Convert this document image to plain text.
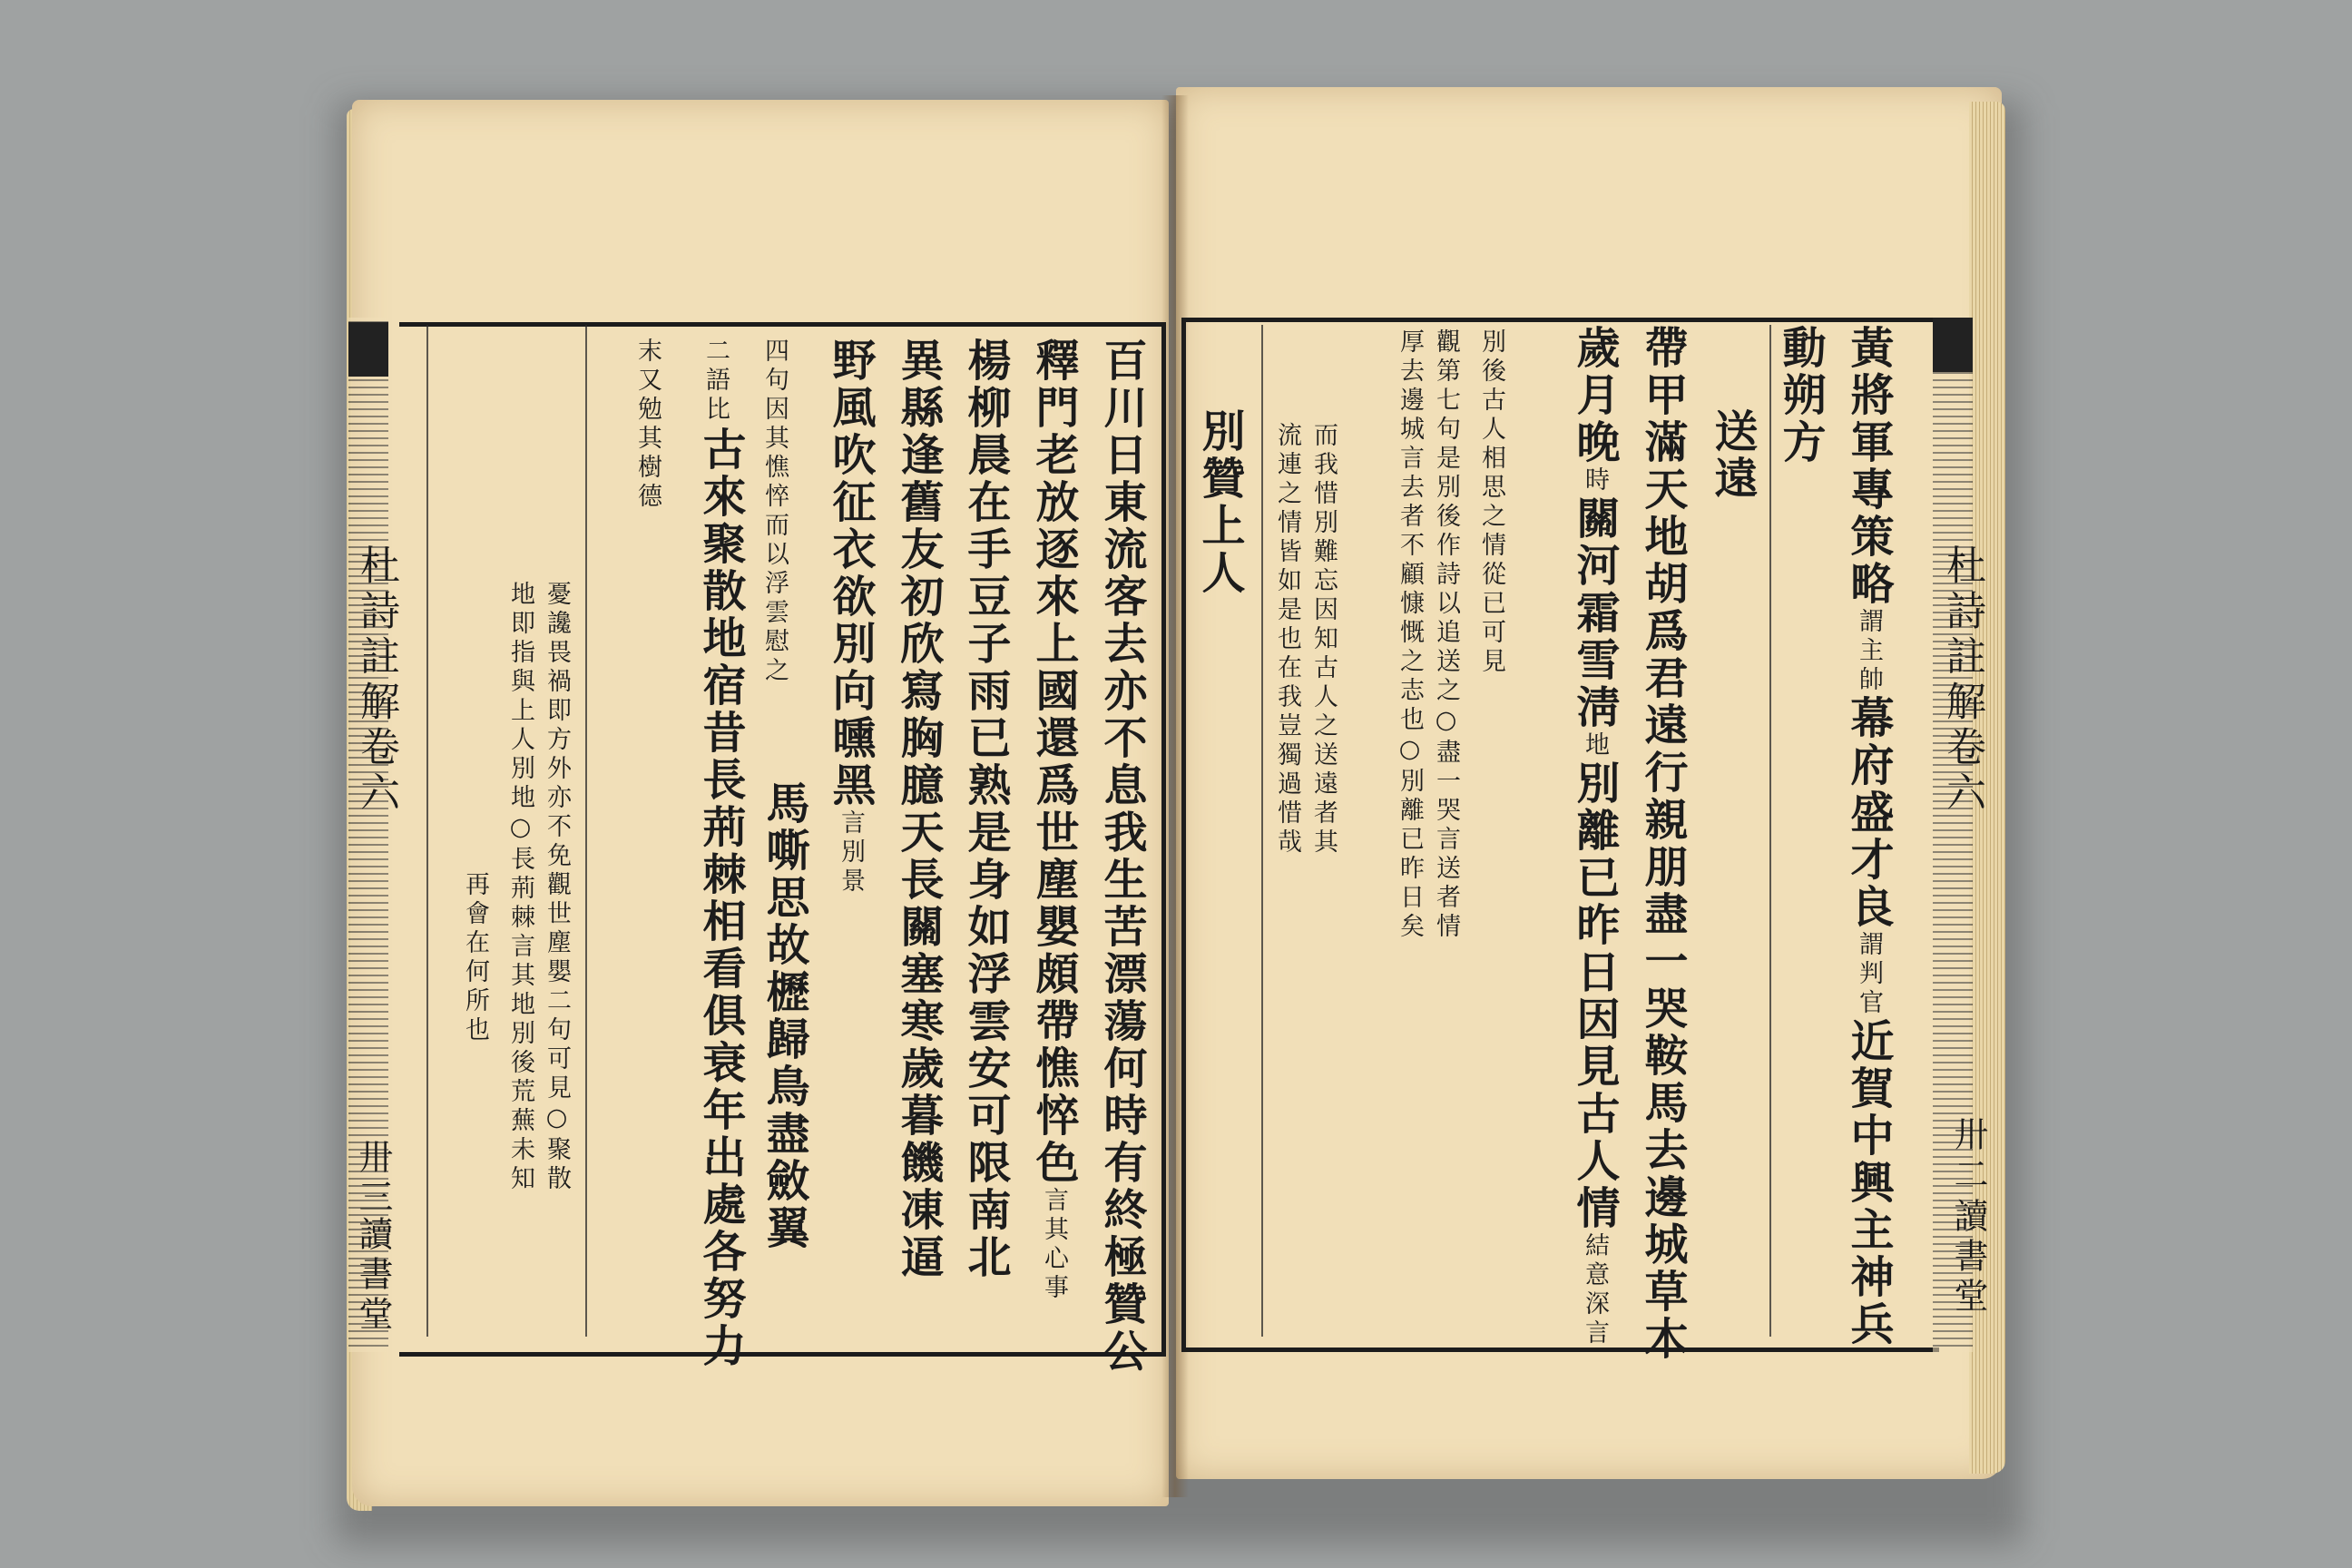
杜詩註解卷六
卅三
讀書堂	百川日東流客去亦不息我生苦漂蕩何時有終極贊公
釋門老放逐來上國還爲世塵嬰頗帶憔悴色言其心事
楊柳晨在手豆子雨已熟是身如浮雲安可限南北
異縣逢舊友初欣寫胸臆天長關塞寒歲暮饑凍逼
野風吹征衣欲別向曛黑言別景
四句因其憔悴而以浮雲慰之
馬嘶思故櫪歸鳥盡斂翼
二語比
古來聚散地宿昔長荊棘相看俱衰年出處各努力
末又勉其樹德
憂讒畏禍即方外亦不免觀世塵嬰二句可見○聚散
地即指與上人別地○長荊棘言其地別後荒蕪未知
再會在何所也
杜詩註解卷六
卅二
讀書堂
動朔方 黃將軍專策略謂主帥幕府盛才良謂判官近賀中興主神兵
送遠
帶甲滿天地胡爲君遠行親朋盡一哭鞍馬去邊城草木
歲月晚時關河霜雪淸地別離已昨日因見古人情結意深言
別後古人相思之情從已可見
觀第七句是別後作詩以追送之○盡一哭言送者情
厚去邊城言去者不顧慷慨之志也○別離已昨日矣
而我惜別難忘因知古人之送遠者其
流連之情皆如是也在我豈獨過惜哉
別贊上人
